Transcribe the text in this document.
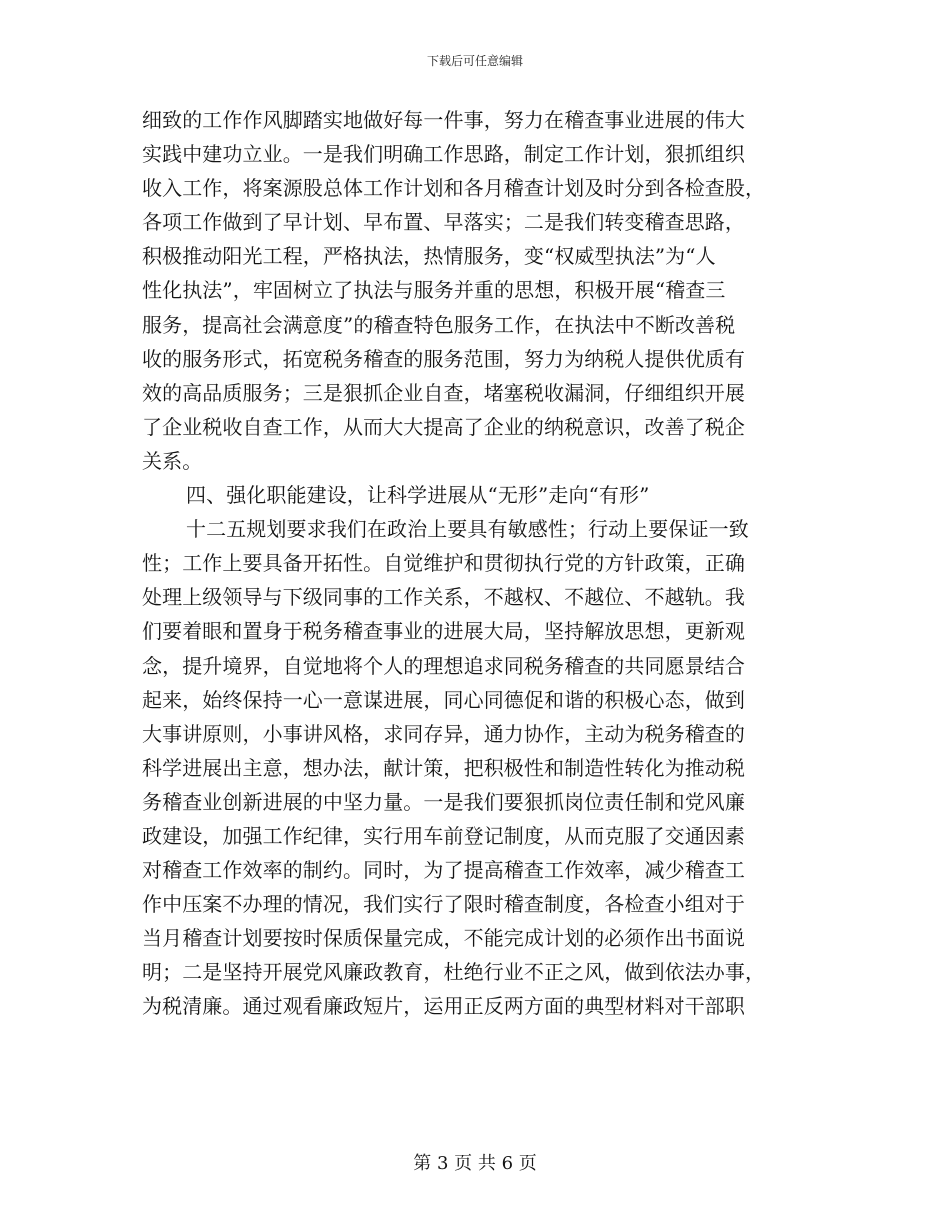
下载后可任意编辑
细致的工作作风脚踏实地做好每一件事，努力在稽查事业进展的伟大
实践中建功立业。一是我们明确工作思路，制定工作计划，狠抓组织
收入工作，将案源股总体工作计划和各月稽查计划及时分到各检查股，
各项工作做到了早计划、早布置、早落实；二是我们转变稽查思路，
积极推动阳光工程，严格执法，热情服务，变“权威型执法”为“人
性化执法”，牢固树立了执法与服务并重的思想，积极开展“稽查三
服务，提高社会满意度”的稽查特色服务工作，在执法中不断改善税
收的服务形式，拓宽税务稽查的服务范围，努力为纳税人提供优质有
效的高品质服务；三是狠抓企业自查，堵塞税收漏洞，仔细组织开展
了企业税收自查工作，从而大大提高了企业的纳税意识，改善了税企
关系。
四、强化职能建设，让科学进展从“无形”走向“有形”
十二五规划要求我们在政治上要具有敏感性；行动上要保证一致
性；工作上要具备开拓性。自觉维护和贯彻执行党的方针政策，正确
处理上级领导与下级同事的工作关系，不越权、不越位、不越轨。我
们要着眼和置身于税务稽查事业的进展大局，坚持解放思想，更新观
念，提升境界，自觉地将个人的理想追求同税务稽查的共同愿景结合
起来，始终保持一心一意谋进展，同心同德促和谐的积极心态，做到
大事讲原则，小事讲风格，求同存异，通力协作，主动为税务稽查的
科学进展出主意，想办法，献计策，把积极性和制造性转化为推动税
务稽查业创新进展的中坚力量。一是我们要狠抓岗位责任制和党风廉
政建设，加强工作纪律，实行用车前登记制度，从而克服了交通因素
对稽查工作效率的制约。同时，为了提高稽查工作效率，减少稽查工
作中压案不办理的情况，我们实行了限时稽查制度，各检查小组对于
当月稽查计划要按时保质保量完成，不能完成计划的必须作出书面说
明；二是坚持开展党风廉政教育，杜绝行业不正之风，做到依法办事，
为税清廉。通过观看廉政短片，运用正反两方面的典型材料对干部职
第 3 页 共 6 页
